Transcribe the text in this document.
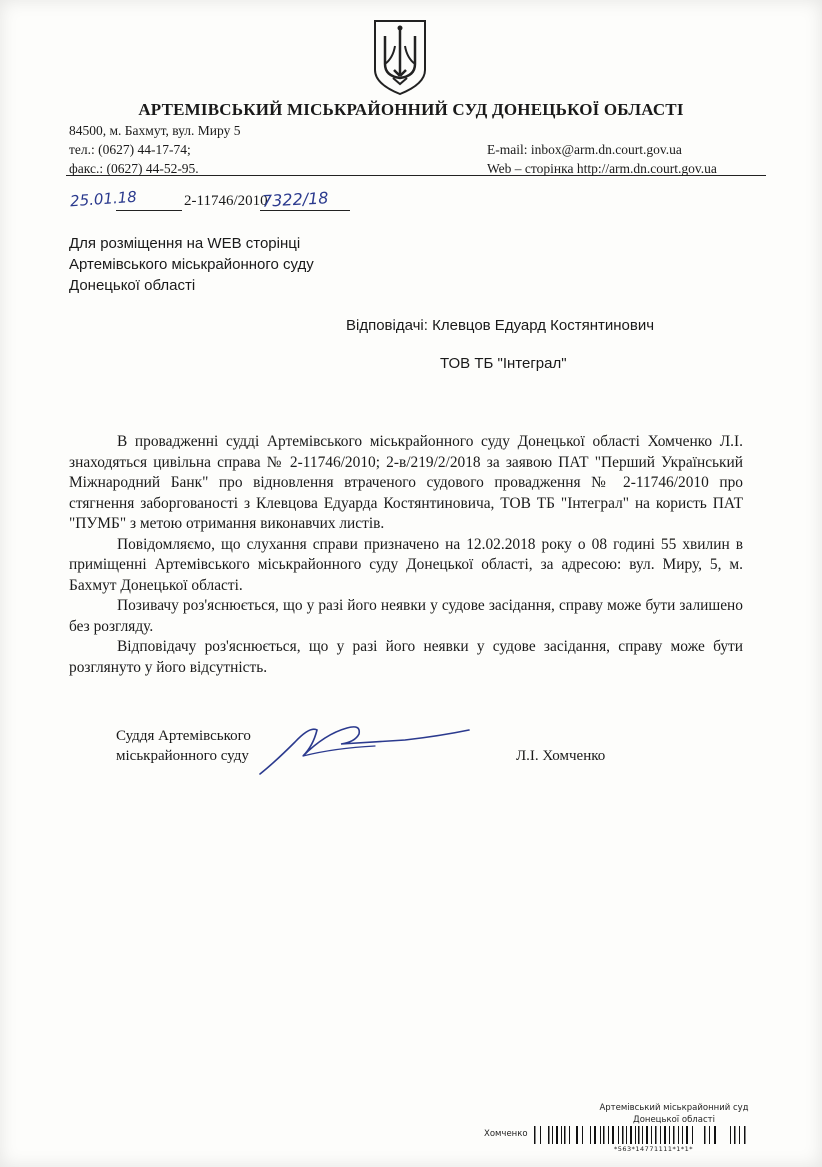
АРТЕМІВСЬКИЙ МІСЬКРАЙОННИЙ СУД ДОНЕЦЬКОЇ ОБЛАСТІ
84500, м. Бахмут, вул. Миру 5
тел.: (0627) 44-17-74;
факс.: (0627) 44-52-95.
E-mail: inbox@arm.dn.court.gov.ua
Web – сторінка http://arm.dn.court.gov.ua
25.01.18	2-11746/2010
7322/18
Для розміщення на WEB сторінці
Артемівського міськрайонного суду
Донецької області
Відповідачі: Клевцов Едуард Костянтинович
ТОВ ТБ "Інтеграл"

В провадженні судді Артемівського міськрайонного суду Донецької області Хомченко Л.І. знаходяться цивільна справа № 2-11746/2010; 2-в/219/2/2018 за заявою ПАТ "Перший Український Міжнародний Банк" про відновлення втраченого судового провадження № 2-11746/2010 про стягнення заборгованості з Клевцова Едуарда Костянтиновича, ТОВ ТБ "Інтеграл" на користь ПАТ "ПУМБ" з метою отримання виконавчих листів.

Повідомляємо, що слухання справи призначено на 12.02.2018 року о 08 годині 55 хвилин в приміщенні Артемівського міськрайонного суду Донецької області, за адресою: вул. Миру, 5, м. Бахмут Донецької області.

Позивачу роз'яснюється, що у разі його неявки у судове засідання, справу може бути залишено без розгляду.

Відповідачу роз'яснюється, що у разі його неявки у судове засідання, справу може бути розглянуто у його відсутність.

Суддя Артемівського
міськрайонного суду	Л.І. Хомченко
Артемівський міськрайонний суд
Донецької області
Хомченко
*563*14771111*1*1*
